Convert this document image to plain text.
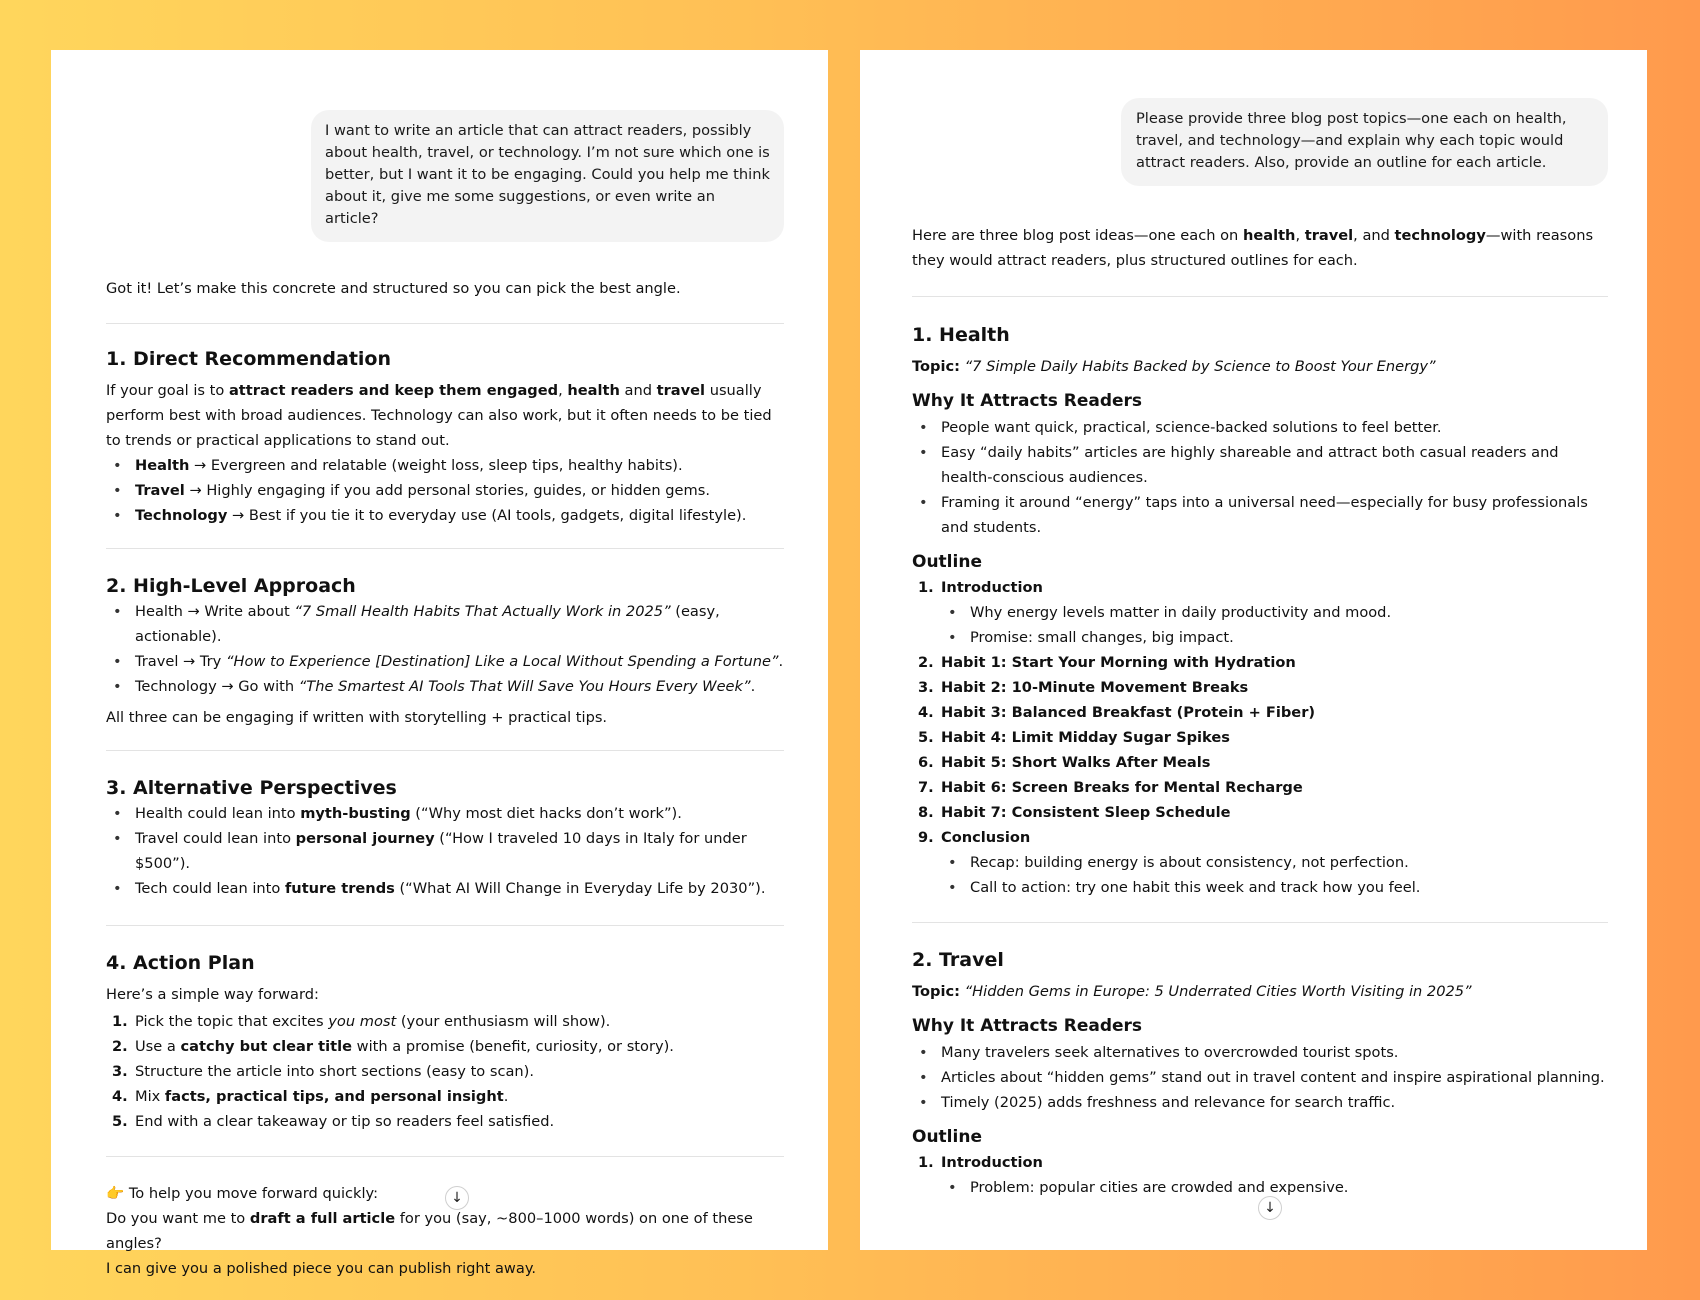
I want to write an article that can attract readers, possibly about health, travel, or technology. I’m not sure which one is better, but I want it to be engaging. Could you help me think about it, give me some suggestions, or even write an article?

Got it! Let’s make this concrete and structured so you can pick the best angle.

1. Direct Recommendation

If your goal is to attract readers and keep them engaged, health and travel usually perform best with broad audiences. Technology can also work, but it often needs to be tied to trends or practical applications to stand out.

• Health → Evergreen and relatable (weight loss, sleep tips, healthy habits).
• Travel → Highly engaging if you add personal stories, guides, or hidden gems.
• Technology → Best if you tie it to everyday use (AI tools, gadgets, digital lifestyle).
2. High-Level Approach
• Health → Write about “7 Small Health Habits That Actually Work in 2025” (easy, actionable).
• Travel → Try “How to Experience [Destination] Like a Local Without Spending a Fortune”.
• Technology → Go with “The Smartest AI Tools That Will Save You Hours Every Week”.

All three can be engaging if written with storytelling + practical tips.

3. Alternative Perspectives
• Health could lean into myth-busting (“Why most diet hacks don’t work”).
• Travel could lean into personal journey (“How I traveled 10 days in Italy for under $500”).
• Tech could lean into future trends (“What AI Will Change in Everyday Life by 2030”).
4. Action Plan

Here’s a simple way forward:

1. Pick the topic that excites you most (your enthusiasm will show).
2. Use a catchy but clear title with a promise (benefit, curiosity, or story).
3. Structure the article into short sections (easy to scan).
4. Mix facts, practical tips, and personal insight.
5. End with a clear takeaway or tip so readers feel satisfied.

👉 To help you move forward quickly:

Do you want me to draft a full article for you (say, ~800–1000 words) on one of these angles?

I can give you a polished piece you can publish right away.

↓
Please provide three blog post topics—one each on health, travel, and technology—and explain why each topic would attract readers. Also, provide an outline for each article.

Here are three blog post ideas—one each on health, travel, and technology—with reasons they would attract readers, plus structured outlines for each.

1. Health

Topic: “7 Simple Daily Habits Backed by Science to Boost Your Energy”

Why It Attracts Readers
• People want quick, practical, science-backed solutions to feel better.
• Easy “daily habits” articles are highly shareable and attract both casual readers and health-conscious audiences.
• Framing it around “energy” taps into a universal need—especially for busy professionals and students.
Outline
1. Introduction
• Why energy levels matter in daily productivity and mood.
• Promise: small changes, big impact.
2. Habit 1: Start Your Morning with Hydration
3. Habit 2: 10-Minute Movement Breaks
4. Habit 3: Balanced Breakfast (Protein + Fiber)
5. Habit 4: Limit Midday Sugar Spikes
6. Habit 5: Short Walks After Meals
7. Habit 6: Screen Breaks for Mental Recharge
8. Habit 7: Consistent Sleep Schedule
9. Conclusion
• Recap: building energy is about consistency, not perfection.
• Call to action: try one habit this week and track how you feel.
2. Travel

Topic: “Hidden Gems in Europe: 5 Underrated Cities Worth Visiting in 2025”

Why It Attracts Readers
• Many travelers seek alternatives to overcrowded tourist spots.
• Articles about “hidden gems” stand out in travel content and inspire aspirational planning.
• Timely (2025) adds freshness and relevance for search traffic.
Outline
1. Introduction
• Problem: popular cities are crowded and expensive.
↓
